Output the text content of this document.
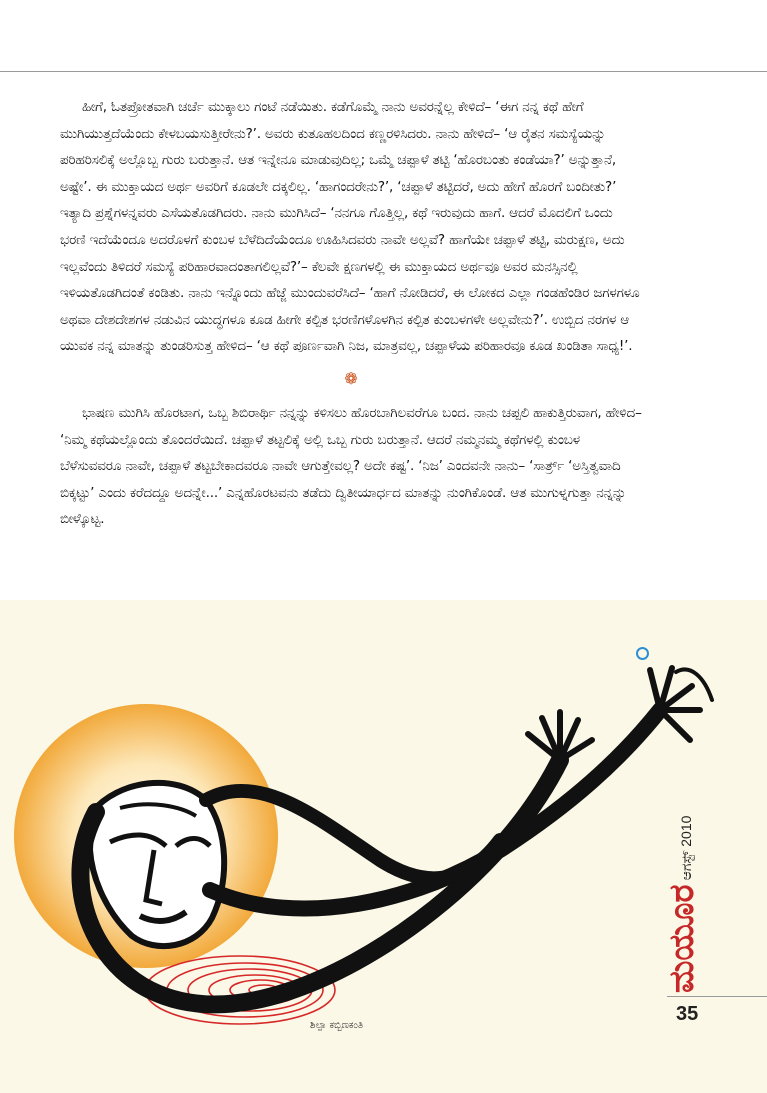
ಹೀಗೆ, ಓತಪ್ರೋತವಾಗಿ ಚರ್ಚೆ ಮುಕ್ಕಾಲು ಗಂಟೆ ನಡೆಯಿತು. ಕಡೆಗೊಮ್ಮೆ ನಾನು ಅವರನ್ನೆಲ್ಲ ಕೇಳಿದೆ– ‘ಈಗ ನನ್ನ ಕಥೆ ಹೇಗೆ ಮುಗಿಯುತ್ತದೆಯೆಂದು ಕೇಳಬಯಸುತ್ತೀರೇನು?’. ಅವರು ಕುತೂಹಲದಿಂದ ಕಣ್ಣರಳಿಸಿದರು. ನಾನು ಹೇಳಿದೆ– ‘ಆ ರೈತನ ಸಮಸ್ಯೆಯನ್ನು ಪರಿಹರಿಸಲಿಕ್ಕೆ ಅಲ್ಲೊಬ್ಬ ಗುರು ಬರುತ್ತಾನೆ. ಆತ ಇನ್ನೇನೂ ಮಾಡುವುದಿಲ್ಲ; ಒಮ್ಮೆ ಚಪ್ಪಾಳೆ ತಟ್ಟಿ ‘ಹೊರಬಂತು ಕಂಡೆಯಾ?’ ಅನ್ನುತ್ತಾನೆ, ಅಷ್ಟೇ’. ಈ ಮುಕ್ತಾಯದ ಅರ್ಥ ಅವರಿಗೆ ಕೂಡಲೇ ದಕ್ಕಲಿಲ್ಲ. ‘ಹಾಗಂದರೇನು?’, ‘ಚಪ್ಪಾಳೆ ತಟ್ಟಿದರೆ, ಅದು ಹೇಗೆ ಹೊರಗೆ ಬಂದೀತು?’ ಇತ್ಯಾದಿ ಪ್ರಶ್ನೆಗಳನ್ನವರು ಎಸೆಯತೊಡಗಿದರು. ನಾನು ಮುಗಿಸಿದೆ– ‘ನನಗೂ ಗೊತ್ತಿಲ್ಲ, ಕಥೆ ಇರುವುದು ಹಾಗೆ. ಆದರೆ ಮೊದಲಿಗೆ ಒಂದು ಭರಣಿ ಇದೆಯೆಂದೂ ಅದರೊಳಗೆ ಕುಂಬಳ ಬೆಳೆದಿದೆಯೆಂದೂ ಊಹಿಸಿದವರು ನಾವೇ ಅಲ್ಲವೆ? ಹಾಗೆಯೇ ಚಪ್ಪಾಳೆ ತಟ್ಟಿ, ಮರುಕ್ಷಣ, ಅದು ಇಲ್ಲವೆಂದು ತಿಳಿದರೆ ಸಮಸ್ಯೆ ಪರಿಹಾರವಾದಂತಾಗಲಿಲ್ಲವೆ?’– ಕೆಲವೇ ಕ್ಷಣಗಳಲ್ಲಿ ಈ ಮುಕ್ತಾಯದ ಅರ್ಥವೂ ಅವರ ಮನಸ್ಸಿನಲ್ಲಿ ಇಳಿಯತೊಡಗಿದಂತೆ ಕಂಡಿತು. ನಾನು ಇನ್ನೊಂದು ಹೆಜ್ಜೆ ಮುಂದುವರೆಸಿದೆ– ‘ಹಾಗೆ ನೋಡಿದರೆ, ಈ ಲೋಕದ ಎಲ್ಲಾ ಗಂಡಹೆಂಡಿರ ಜಗಳಗಳೂ ಅಥವಾ ದೇಶದೇಶಗಳ ನಡುವಿನ ಯುದ್ಧಗಳೂ ಕೂಡ ಹೀಗೇ ಕಲ್ಪಿತ ಭರಣಿಗಳೊಳಗಿನ ಕಲ್ಪಿತ ಕುಂಬಳಗಳೇ ಅಲ್ಲವೇನು?’. ಉಬ್ಬಿದ ನರಗಳ ಆ ಯುವಕ ನನ್ನ ಮಾತನ್ನು ತುಂಡರಿಸುತ್ತ ಹೇಳಿದ– ‘ಆ ಕಥೆ ಪೂರ್ಣವಾಗಿ ನಿಜ, ಮಾತ್ರವಲ್ಲ, ಚಪ್ಪಾಳೆಯ ಪರಿಹಾರವೂ ಕೂಡ ಖಂಡಿತಾ ಸಾಧ್ಯ!’.

❁

ಭಾಷಣ ಮುಗಿಸಿ ಹೊರಟಾಗ, ಒಬ್ಬ ಶಿಬಿರಾರ್ಥಿ ನನ್ನನ್ನು ಕಳಿಸಲು ಹೊರಬಾಗಿಲವರೆಗೂ ಬಂದ. ನಾನು ಚಪ್ಪಲಿ ಹಾಕುತ್ತಿರುವಾಗ, ಹೇಳಿದ– ‘ನಿಮ್ಮ ಕಥೆಯಲ್ಲೊಂದು ತೊಂದರೆಯಿದೆ. ಚಪ್ಪಾಳೆ ತಟ್ಟಲಿಕ್ಕೆ ಅಲ್ಲಿ ಒಬ್ಬ ಗುರು ಬರುತ್ತಾನೆ. ಆದರೆ ನಮ್ಮನಮ್ಮ ಕಥೆಗಳಲ್ಲಿ ಕುಂಬಳ ಬೆಳೆಸುವವರೂ ನಾವೇ, ಚಪ್ಪಾಳೆ ತಟ್ಟಬೇಕಾದವರೂ ನಾವೇ ಆಗುತ್ತೇವಲ್ಲ? ಅದೇ ಕಷ್ಟ’. ‘ನಿಜ’ ಎಂದವನೇ ನಾನು– ‘ಸಾರ್ತ್ರ್ ‘ಅಸ್ತಿತ್ವವಾದಿ ಬಿಕ್ಕಟ್ಟು’ ಎಂದು ಕರೆದದ್ದೂ ಅದನ್ನೇ...’ ಎನ್ನಹೊರಟವನು ತಡೆದು ದ್ವಿತೀಯಾರ್ಧದ ಮಾತನ್ನು ನುಂಗಿಕೊಂಡೆ. ಆತ ಮುಗುಳ್ನಗುತ್ತಾ ನನ್ನನ್ನು ಬೀಳ್ಕೊಟ್ಟ.

ಶಿಲ್ಪಾ ಕಬ್ಬಿಣಕಂತಿ
ಆಗಸ್ಟ್ 2010
ಮಯೂರ
35
